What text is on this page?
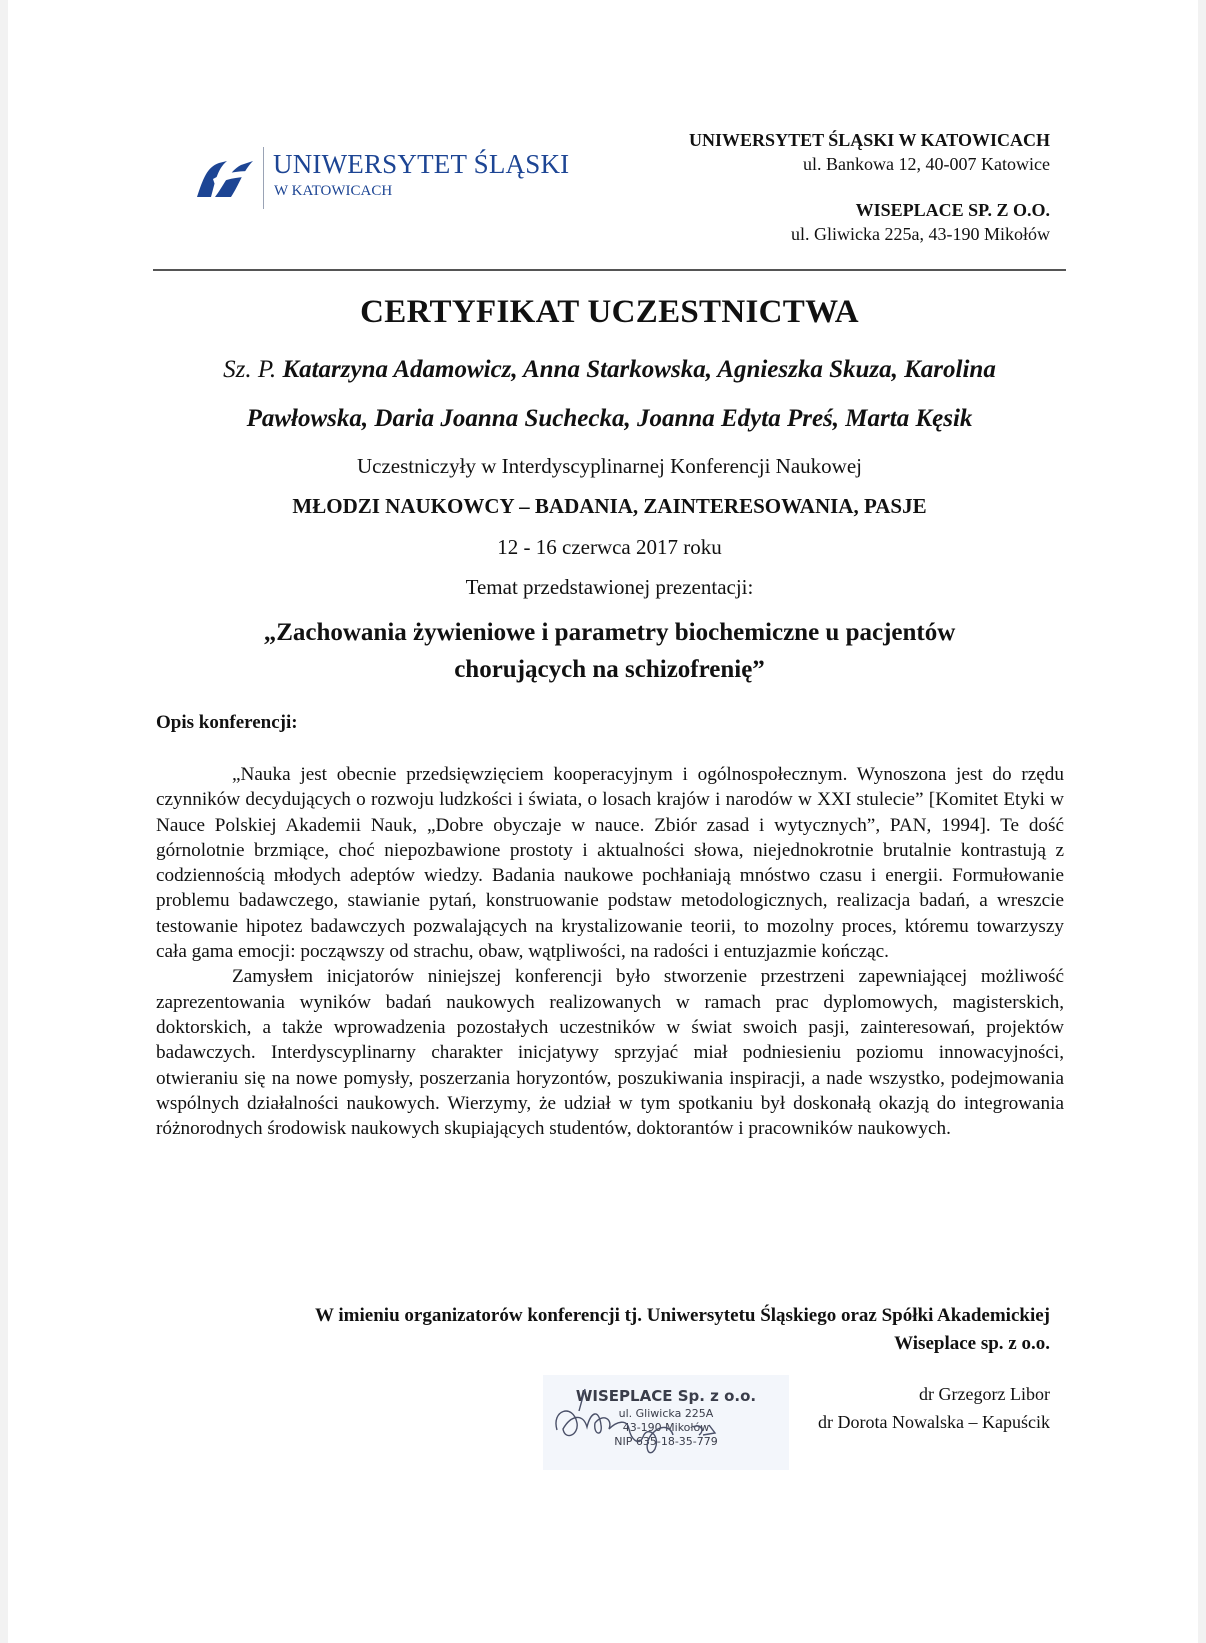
UNIWERSYTET ŚLĄSKI
W KATOWICACH
UNIWERSYTET ŚLĄSKI W KATOWICACH
ul. Bankowa 12, 40-007 Katowice
WISEPLACE SP. Z O.O.
ul. Gliwicka 225a, 43-190 Mikołów
CERTYFIKAT UCZESTNICTWA
Sz. P. Katarzyna Adamowicz, Anna Starkowska, Agnieszka Skuza, Karolina
Pawłowska, Daria Joanna Suchecka, Joanna Edyta Preś, Marta Kęsik
Uczestniczyły w Interdyscyplinarnej Konferencji Naukowej
MŁODZI NAUKOWCY – BADANIA, ZAINTERESOWANIA, PASJE
12 - 16 czerwca 2017 roku
Temat przedstawionej prezentacji:
„Zachowania żywieniowe i parametry biochemiczne u pacjentów
chorujących na schizofrenię”
Opis konferencji:

„Nauka jest obecnie przedsięwzięciem kooperacyjnym i ogólnospołecznym. Wynoszona jest do rzędu czynników decydujących o rozwoju ludzkości i świata, o losach krajów i narodów w XXI stulecie” [Komitet Etyki w Nauce Polskiej Akademii Nauk, „Dobre obyczaje w nauce. Zbiór zasad i wytycznych”, PAN, 1994]. Te dość górnolotnie brzmiące, choć niepozbawione prostoty i aktualności słowa, niejednokrotnie brutalnie kontrastują z codziennością młodych adeptów wiedzy. Badania naukowe pochłaniają mnóstwo czasu i energii. Formułowanie problemu badawczego, stawianie pytań, konstruowanie podstaw metodologicznych, realizacja badań, a wreszcie testowanie hipotez badawczych pozwalających na krystalizowanie teorii, to mozolny proces, któremu towarzyszy cała gama emocji: począwszy od strachu, obaw, wątpliwości, na radości i entuzjazmie kończąc.

Zamysłem inicjatorów niniejszej konferencji było stworzenie przestrzeni zapewniającej możliwość zaprezentowania wyników badań naukowych realizowanych w ramach prac dyplomowych, magisterskich, doktorskich, a także wprowadzenia pozostałych uczestników w świat swoich pasji, zainteresowań, projektów badawczych. Interdyscyplinarny charakter inicjatywy sprzyjać miał podniesieniu poziomu innowacyjności, otwieraniu się na nowe pomysły, poszerzania horyzontów, poszukiwania inspiracji, a nade wszystko, podejmowania wspólnych działalności naukowych. Wierzymy, że udział w tym spotkaniu był doskonałą okazją do integrowania różnorodnych środowisk naukowych skupiających studentów, doktorantów i pracowników naukowych.

W imieniu organizatorów konferencji tj. Uniwersytetu Śląskiego oraz Spółki Akademickiej
Wiseplace sp. z o.o.
WISEPLACE Sp. z o.o.
ul. Gliwicka 225A
43-190 Mikołów
NIP 635-18-35-779
dr Grzegorz Libor
dr Dorota Nowalska – Kapuścik
